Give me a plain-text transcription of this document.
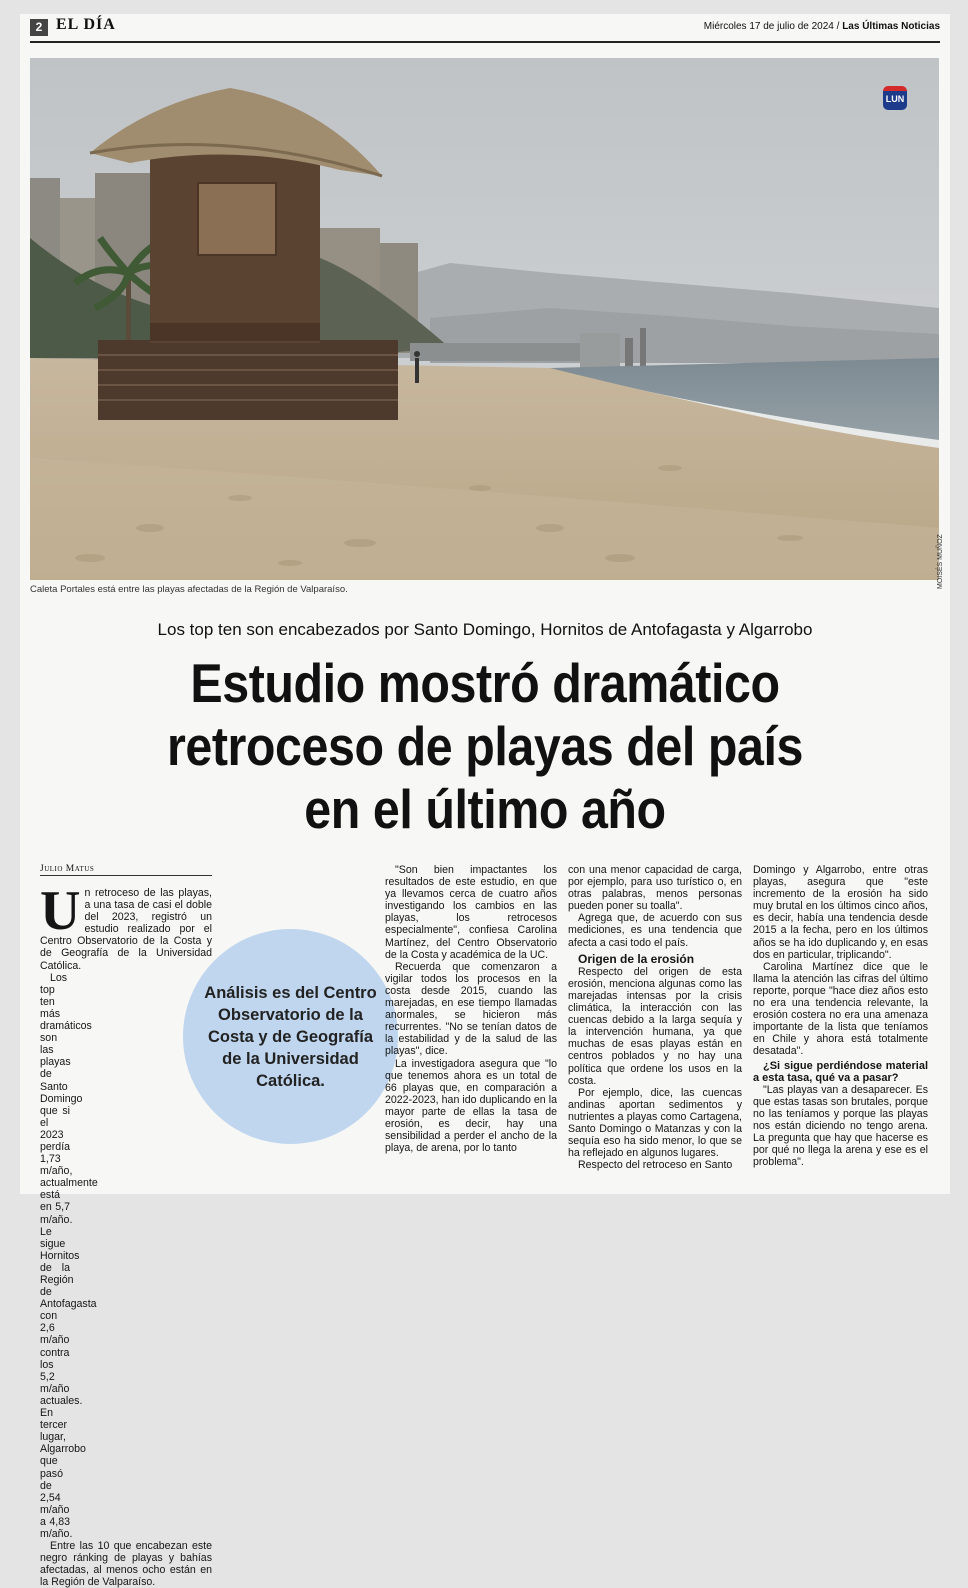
2 EL DÍA	Miércoles 17 de julio de 2024 / Las Últimas Noticias
LUN
MOISÉS MUÑOZ
Caleta Portales está entre las playas afectadas de la Región de Valparaíso.
Los top ten son encabezados por Santo Domingo, Hornitos de Antofagasta y Algarrobo
Estudio mostró dramático
retroceso de playas del país
en el último año
Julio Matus

Un retroceso de las playas, a una tasa de casi el doble del 2023, registró un estudio realizado por el Centro Observatorio de la Costa y de Geografía de la Universidad Católica.

Los top ten más dramáticos son las playas de Santo Domingo que si el 2023 perdía 1,73 m/año, actualmente está en 5,7 m/año. Le sigue Hornitos de la Región de Antofagasta con 2,6 m/año contra los 5,2 m/año actuales. En tercer lugar, Algarrobo que pasó de 2,54 m/año a 4,83 m/año.

Entre las 10 que encabezan este negro ránking de playas y bahías afectadas, al menos ocho están en la Región de Valparaíso.

Análisis es del Centro Observatorio de la Costa y de Geografía de la Universidad Católica.

"Son bien impactantes los resultados de este estudio, en que ya llevamos cerca de cuatro años investigando los cambios en las playas, los retrocesos especialmente", confiesa Carolina Martínez, del Centro Observatorio de la Costa y académica de la UC.

Recuerda que comenzaron a vigilar todos los procesos en la costa desde 2015, cuando las marejadas, en ese tiempo llamadas anormales, se hicieron más recurrentes. "No se tenían datos de la estabilidad y de la salud de las playas", dice.

La investigadora asegura que "lo que tenemos ahora es un total de 66 playas que, en comparación a 2022-2023, han ido duplicando en la mayor parte de ellas la tasa de erosión, es decir, hay una sensibilidad a perder el ancho de la playa, de arena, por lo tanto

con una menor capacidad de carga, por ejemplo, para uso turístico o, en otras palabras, menos personas pueden poner su toalla".

Agrega que, de acuerdo con sus mediciones, es una tendencia que afecta a casi todo el país.

Origen de la erosión

Respecto del origen de esta erosión, menciona algunas como las marejadas intensas por la crisis climática, la interacción con las cuencas debido a la larga sequía y la intervención humana, ya que muchas de esas playas están en centros poblados y no hay una política que ordene los usos en la costa.

Por ejemplo, dice, las cuencas andinas aportan sedimentos y nutrientes a playas como Cartagena, Santo Domingo o Matanzas y con la sequía eso ha sido menor, lo que se ha reflejado en algunos lugares.

Respecto del retroceso en Santo

Domingo y Algarrobo, entre otras playas, asegura que "este incremento de la erosión ha sido muy brutal en los últimos cinco años, es decir, había una tendencia desde 2015 a la fecha, pero en los últimos años se ha ido duplicando y, en esas dos en particular, triplicando".

Carolina Martínez dice que le llama la atención las cifras del último reporte, porque "hace diez años esto no era una tendencia relevante, la erosión costera no era una amenaza importante de la lista que teníamos en Chile y ahora está totalmente desatada".

¿Si sigue perdiéndose material a esta tasa, qué va a pasar?

"Las playas van a desaparecer. Es que estas tasas son brutales, porque no las teníamos y porque las playas nos están diciendo no tengo arena. La pregunta que hay que hacerse es por qué no llega la arena y ese es el problema".
